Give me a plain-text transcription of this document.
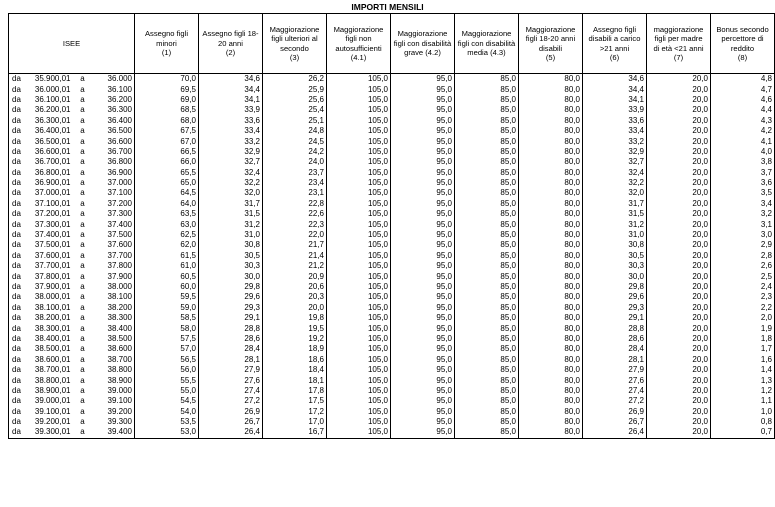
IMPORTI MENSILI
ISEE				Assegno figli
minori
(1)	Assegno figli 18-
20 anni
(2)	Maggiorazione
figli ulteriori al
secondo
(3)	Maggiorazione
figli non
autosufficienti
(4.1)	Maggiorazione
figli con disabilità
grave (4.2)	Maggiorazione
figli con disabilità
media (4.3)	Maggiorazione
figli 18-20 anni
disabili
(5)	Assegno figli
disabili a carico
>21 anni
(6)	maggiorazione
figli per madre
di età <21 anni
(7)	Bonus secondo
percettore di
reddito
(8)
da	35.900,01	a	36.000	70,0	34,6	26,2	105,0	95,0	85,0	80,0	34,6	20,0	4,8
da	36.000,01	a	36.100	69,5	34,4	25,9	105,0	95,0	85,0	80,0	34,4	20,0	4,7
da	36.100,01	a	36.200	69,0	34,1	25,6	105,0	95,0	85,0	80,0	34,1	20,0	4,6
da	36.200,01	a	36.300	68,5	33,9	25,4	105,0	95,0	85,0	80,0	33,9	20,0	4,4
da	36.300,01	a	36.400	68,0	33,6	25,1	105,0	95,0	85,0	80,0	33,6	20,0	4,3
da	36.400,01	a	36.500	67,5	33,4	24,8	105,0	95,0	85,0	80,0	33,4	20,0	4,2
da	36.500,01	a	36.600	67,0	33,2	24,5	105,0	95,0	85,0	80,0	33,2	20,0	4,1
da	36.600,01	a	36.700	66,5	32,9	24,2	105,0	95,0	85,0	80,0	32,9	20,0	4,0
da	36.700,01	a	36.800	66,0	32,7	24,0	105,0	95,0	85,0	80,0	32,7	20,0	3,8
da	36.800,01	a	36.900	65,5	32,4	23,7	105,0	95,0	85,0	80,0	32,4	20,0	3,7
da	36.900,01	a	37.000	65,0	32,2	23,4	105,0	95,0	85,0	80,0	32,2	20,0	3,6
da	37.000,01	a	37.100	64,5	32,0	23,1	105,0	95,0	85,0	80,0	32,0	20,0	3,5
da	37.100,01	a	37.200	64,0	31,7	22,8	105,0	95,0	85,0	80,0	31,7	20,0	3,4
da	37.200,01	a	37.300	63,5	31,5	22,6	105,0	95,0	85,0	80,0	31,5	20,0	3,2
da	37.300,01	a	37.400	63,0	31,2	22,3	105,0	95,0	85,0	80,0	31,2	20,0	3,1
da	37.400,01	a	37.500	62,5	31,0	22,0	105,0	95,0	85,0	80,0	31,0	20,0	3,0
da	37.500,01	a	37.600	62,0	30,8	21,7	105,0	95,0	85,0	80,0	30,8	20,0	2,9
da	37.600,01	a	37.700	61,5	30,5	21,4	105,0	95,0	85,0	80,0	30,5	20,0	2,8
da	37.700,01	a	37.800	61,0	30,3	21,2	105,0	95,0	85,0	80,0	30,3	20,0	2,6
da	37.800,01	a	37.900	60,5	30,0	20,9	105,0	95,0	85,0	80,0	30,0	20,0	2,5
da	37.900,01	a	38.000	60,0	29,8	20,6	105,0	95,0	85,0	80,0	29,8	20,0	2,4
da	38.000,01	a	38.100	59,5	29,6	20,3	105,0	95,0	85,0	80,0	29,6	20,0	2,3
da	38.100,01	a	38.200	59,0	29,3	20,0	105,0	95,0	85,0	80,0	29,3	20,0	2,2
da	38.200,01	a	38.300	58,5	29,1	19,8	105,0	95,0	85,0	80,0	29,1	20,0	2,0
da	38.300,01	a	38.400	58,0	28,8	19,5	105,0	95,0	85,0	80,0	28,8	20,0	1,9
da	38.400,01	a	38.500	57,5	28,6	19,2	105,0	95,0	85,0	80,0	28,6	20,0	1,8
da	38.500,01	a	38.600	57,0	28,4	18,9	105,0	95,0	85,0	80,0	28,4	20,0	1,7
da	38.600,01	a	38.700	56,5	28,1	18,6	105,0	95,0	85,0	80,0	28,1	20,0	1,6
da	38.700,01	a	38.800	56,0	27,9	18,4	105,0	95,0	85,0	80,0	27,9	20,0	1,4
da	38.800,01	a	38.900	55,5	27,6	18,1	105,0	95,0	85,0	80,0	27,6	20,0	1,3
da	38.900,01	a	39.000	55,0	27,4	17,8	105,0	95,0	85,0	80,0	27,4	20,0	1,2
da	39.000,01	a	39.100	54,5	27,2	17,5	105,0	95,0	85,0	80,0	27,2	20,0	1,1
da	39.100,01	a	39.200	54,0	26,9	17,2	105,0	95,0	85,0	80,0	26,9	20,0	1,0
da	39.200,01	a	39.300	53,5	26,7	17,0	105,0	95,0	85,0	80,0	26,7	20,0	0,8
da	39.300,01	a	39.400	53,0	26,4	16,7	105,0	95,0	85,0	80,0	26,4	20,0	0,7
